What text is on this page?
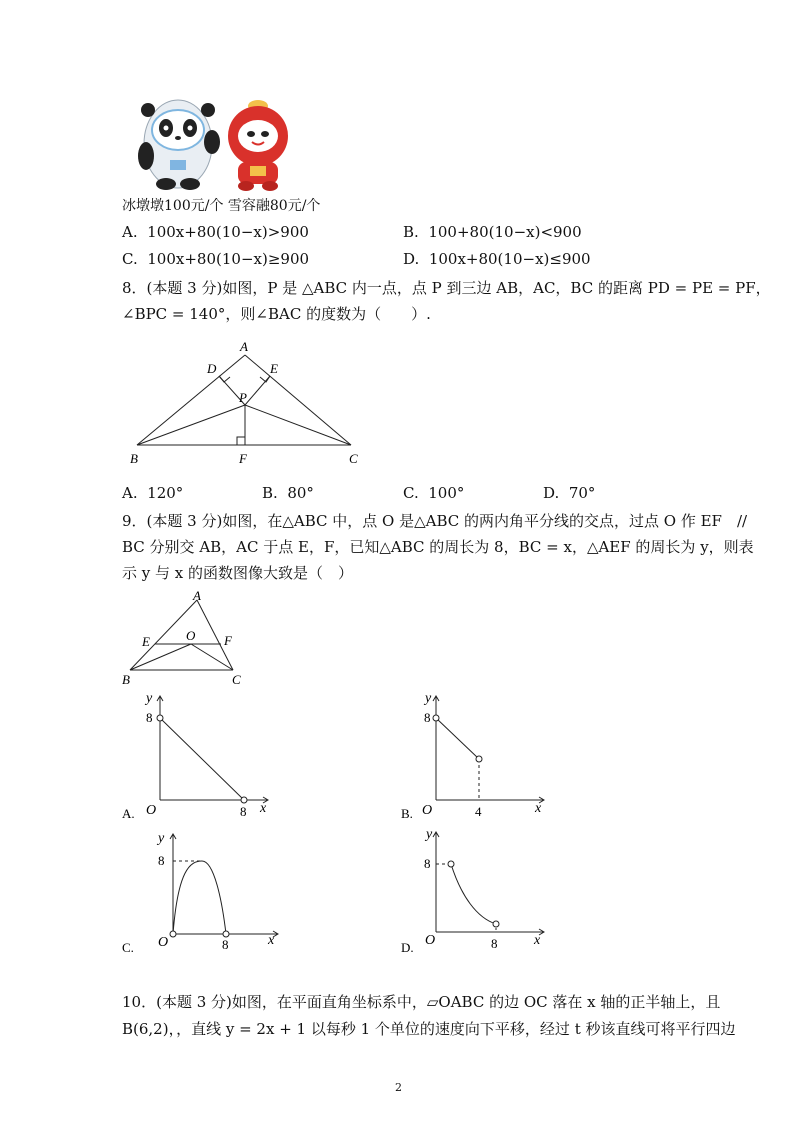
冰墩墩100元/个 雪容融80元/个
A. 100x+80(10−x)>900	B. 100+80(10−x)<900
C. 100x+80(10−x)≥900	D. 100x+80(10−x)≤900
8．(本题 3 分)如图，P 是 △ABC 内一点，点 P 到三边 AB，AC，BC 的距离 PD = PE = PF，
∠BPC = 140°，则∠BAC 的度数为（　　）.
A
D	E
P
B	F	C
A. 120°	B. 80°	C. 100°	D. 70°
9．(本题 3 分)如图，在△ABC 中，点 O 是△ABC 的两内角平分线的交点，过点 O 作 EF　//
BC 分别交 AB，AC 于点 E，F，已知△ABC 的周长为 8，BC = x，△AEF 的周长为 y，则表
示 y 与 x 的函数图像大致是（　）
A
E	O F
B	C
A.
y
8
O	8 x	B.
y
8
O	4	x
C.
y
8
O	8	x	D.
y
8
O	8	x
10．(本题 3 分)如图，在平面直角坐标系中，▱OABC 的边 OC 落在 x 轴的正半轴上，且
B(6,2)，，直线 y = 2x + 1 以每秒 1 个单位的速度向下平移，经过 t 秒该直线可将平行四边
2
